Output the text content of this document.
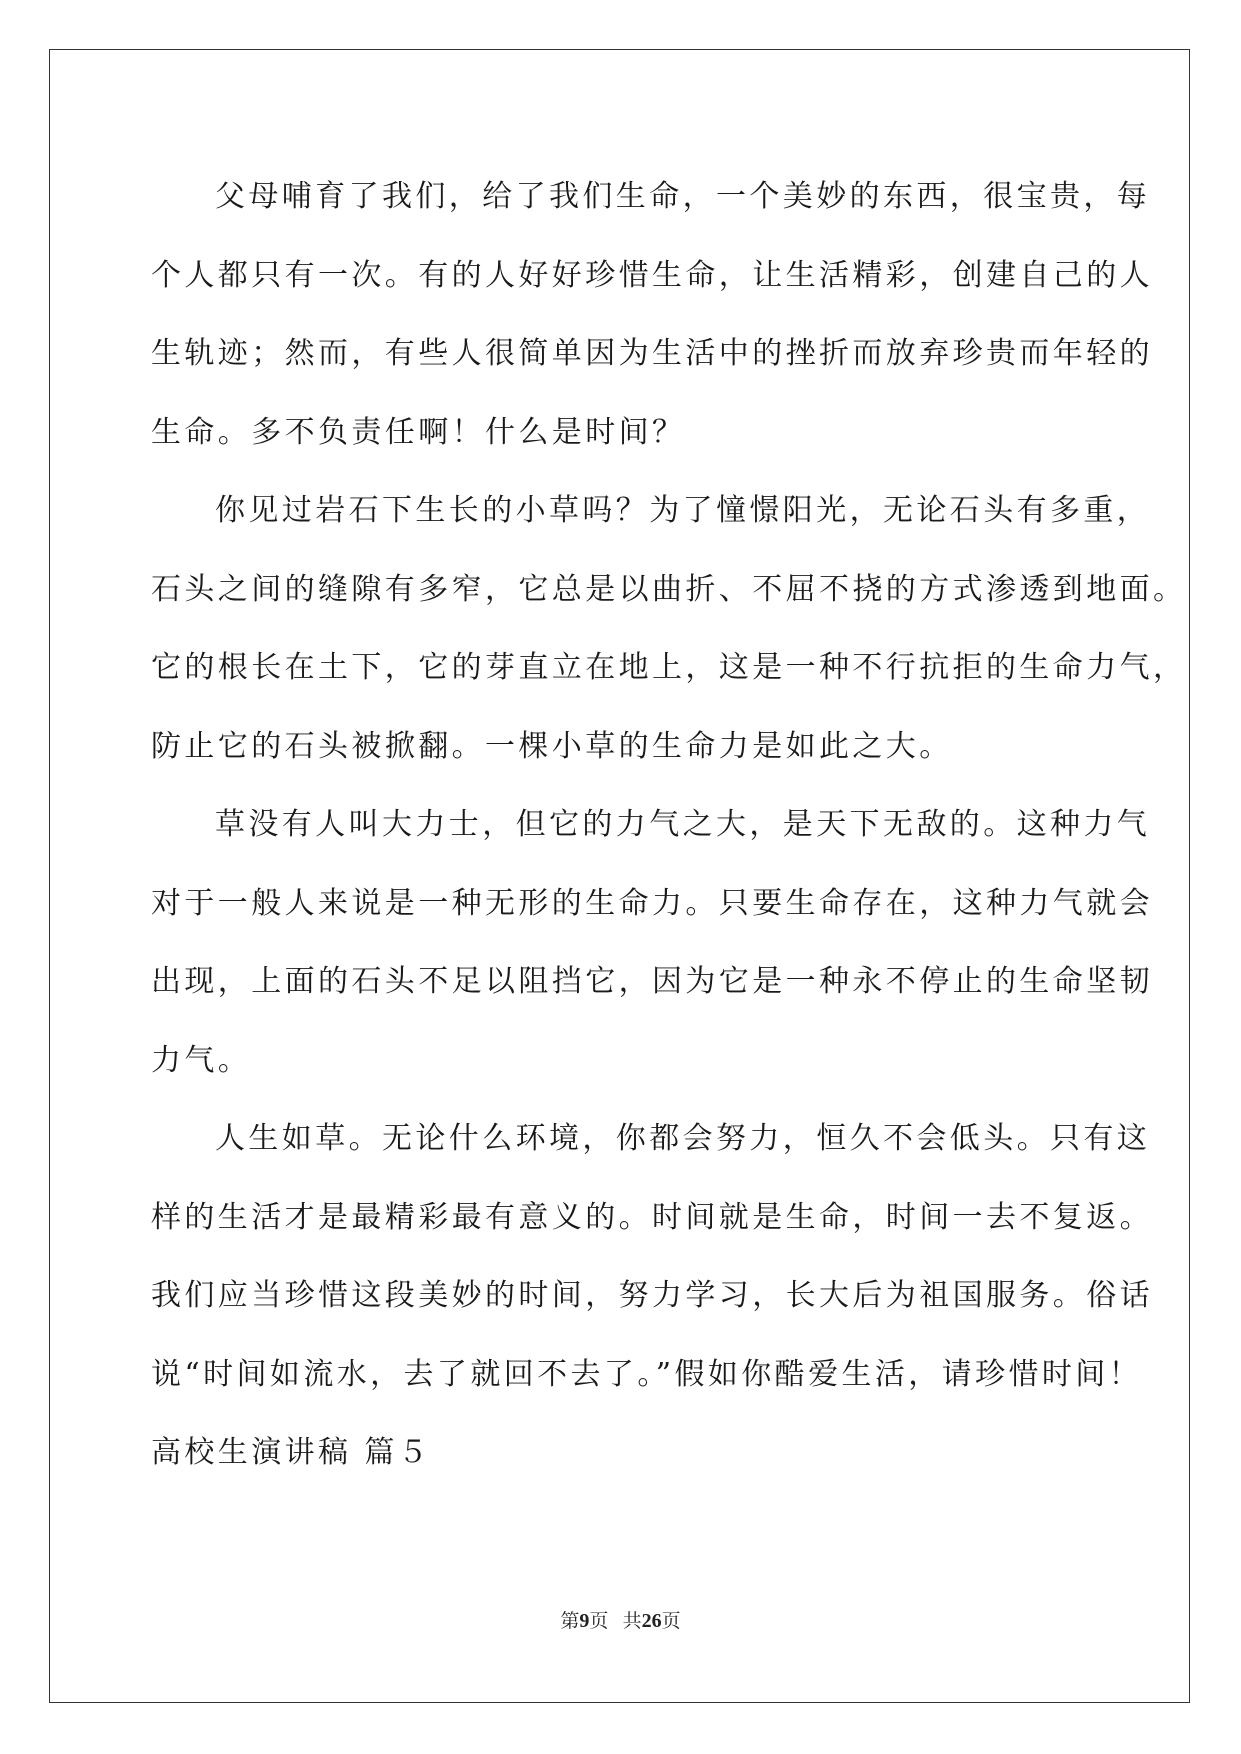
父母哺育了我们，给了我们生命，一个美妙的东西，很宝贵，每
个人都只有一次。有的人好好珍惜生命，让生活精彩，创建自己的人
生轨迹；然而，有些人很简单因为生活中的挫折而放弃珍贵而年轻的
生命。多不负责任啊！什么是时间？
你见过岩石下生长的小草吗？为了憧憬阳光，无论石头有多重，
石头之间的缝隙有多窄，它总是以曲折、不屈不挠的方式渗透到地面。
它的根长在土下，它的芽直立在地上，这是一种不行抗拒的生命力气，
防止它的石头被掀翻。一棵小草的生命力是如此之大。
草没有人叫大力士，但它的力气之大，是天下无敌的。这种力气
对于一般人来说是一种无形的生命力。只要生命存在，这种力气就会
出现，上面的石头不足以阻挡它，因为它是一种永不停止的生命坚韧
力气。
人生如草。无论什么环境，你都会努力，恒久不会低头。只有这
样的生活才是最精彩最有意义的。时间就是生命，时间一去不复返。
我们应当珍惜这段美妙的时间，努力学习，长大后为祖国服务。俗话
说“时间如流水，去了就回不去了。”假如你酷爱生活，请珍惜时间！
高校生演讲稿 篇５
第9页 共26页
